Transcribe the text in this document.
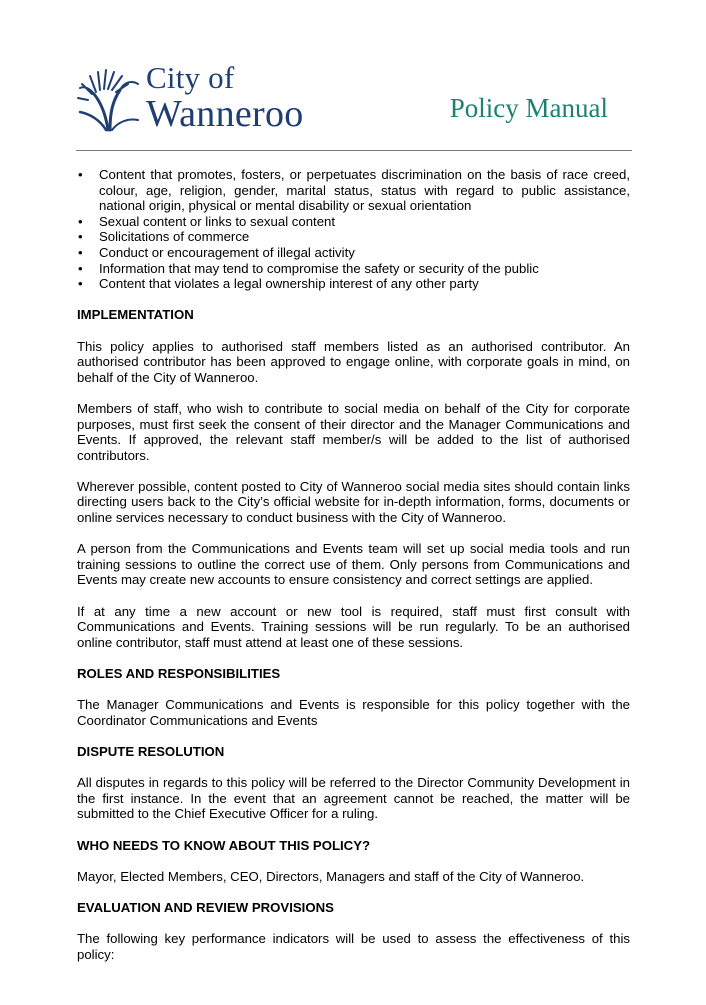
City of
Wanneroo	Policy Manual
• Content that promotes, fosters, or perpetuates discrimination on the basis of race creed, colour, age, religion, gender, marital status, status with regard to public assistance, national origin, physical or mental disability or sexual orientation
• Sexual content or links to sexual content
• Solicitations of commerce
• Conduct or encouragement of illegal activity
• Information that may tend to compromise the safety or security of the public
• Content that violates a legal ownership interest of any other party
IMPLEMENTATION

This policy applies to authorised staff members listed as an authorised contributor. An authorised contributor has been approved to engage online, with corporate goals in mind, on behalf of the City of Wanneroo.

Members of staff, who wish to contribute to social media on behalf of the City for corporate purposes, must first seek the consent of their director and the Manager Communications and Events. If approved, the relevant staff member/s will be added to the list of authorised contributors.

Wherever possible, content posted to City of Wanneroo social media sites should contain links directing users back to the City’s official website for in-depth information, forms, documents or online services necessary to conduct business with the City of Wanneroo.

A person from the Communications and Events team will set up social media tools and run training sessions to outline the correct use of them. Only persons from Communications and Events may create new accounts to ensure consistency and correct settings are applied.

If at any time a new account or new tool is required, staff must first consult with Communications and Events. Training sessions will be run regularly. To be an authorised online contributor, staff must attend at least one of these sessions.

ROLES AND RESPONSIBILITIES

The Manager Communications and Events is responsible for this policy together with the Coordinator Communications and Events

DISPUTE RESOLUTION

All disputes in regards to this policy will be referred to the Director Community Development in the first instance. In the event that an agreement cannot be reached, the matter will be submitted to the Chief Executive Officer for a ruling.

WHO NEEDS TO KNOW ABOUT THIS POLICY?

Mayor, Elected Members, CEO, Directors, Managers and staff of the City of Wanneroo.

EVALUATION AND REVIEW PROVISIONS

The following key performance indicators will be used to assess the effectiveness of this policy:
